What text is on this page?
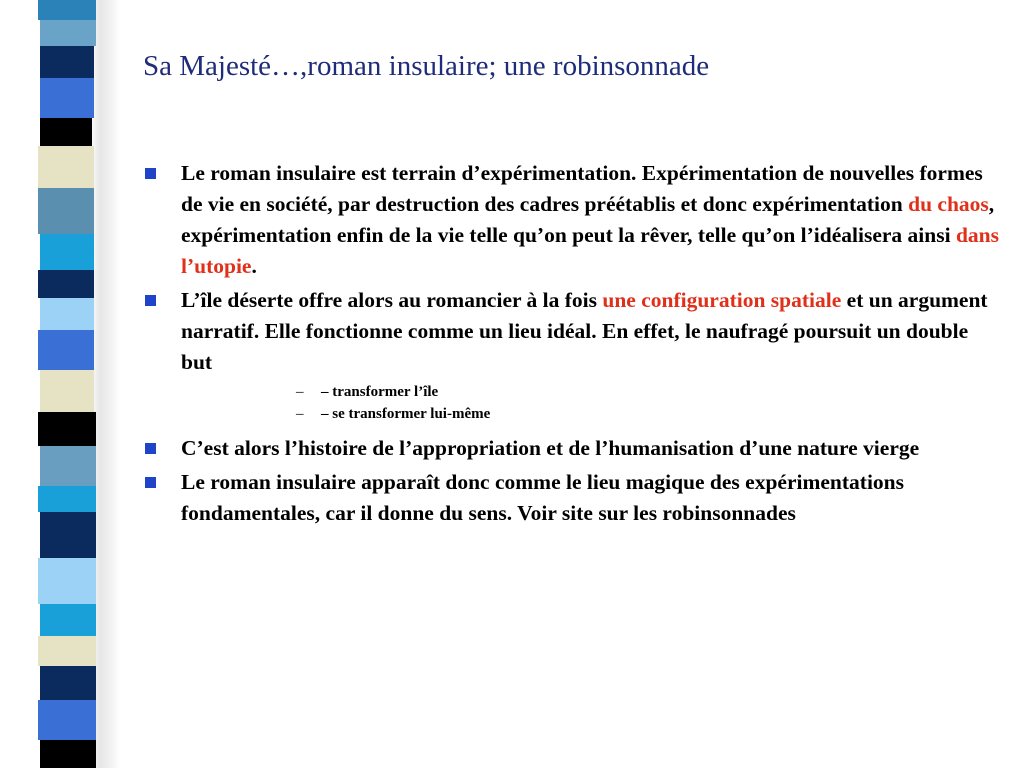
Sa Majesté…,roman insulaire; une robinsonnade
Le roman insulaire est terrain d’expérimentation. Expérimentation de nouvelles formes de vie en société, par destruction des cadres préétablis et donc expérimentation du chaos, expérimentation enfin de la vie telle qu’on peut la rêver, telle qu’on l’idéalisera ainsi dans l’utopie.
L’île déserte offre alors au romancier à la fois une configuration spatiale et un argument narratif. Elle fonctionne comme un lieu idéal. En effet, le naufragé poursuit un double but
– – transformer l’île
– – se transformer lui-même
C’est alors l’histoire de l’appropriation et de l’humanisation d’une nature vierge
Le roman insulaire apparaît donc comme le lieu magique des expérimentations fondamentales, car il donne du sens. Voir site sur les robinsonnades
